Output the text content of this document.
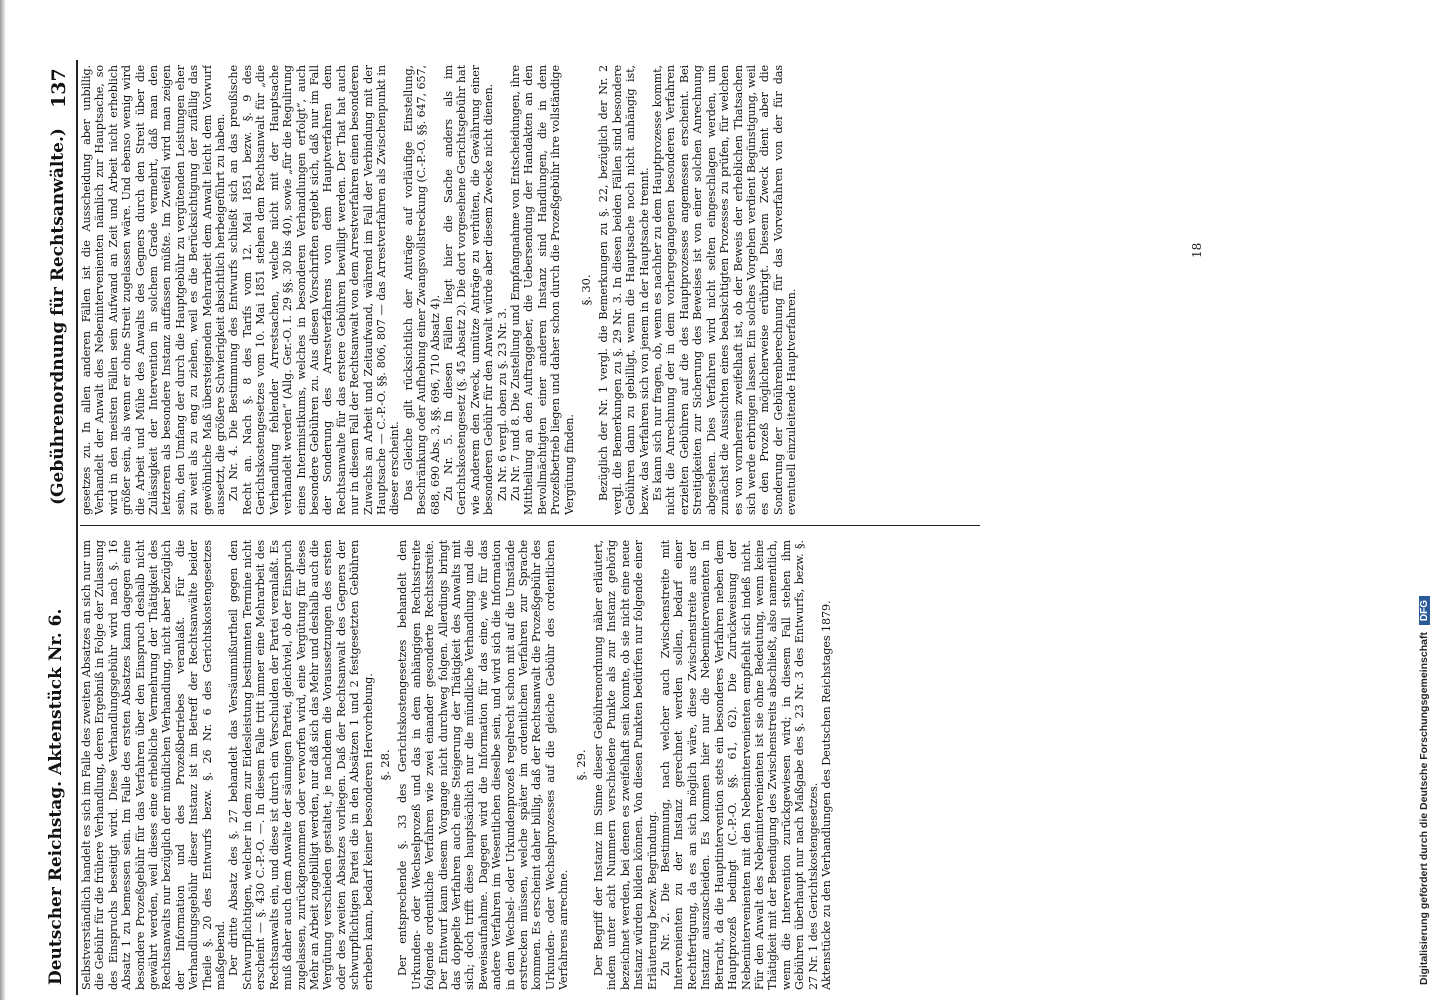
Deutscher Reichstag. Aktenstück Nr. 6.
(Gebührenordnung für Rechtsanwälte.)
137

Selbstverständlich handelt es sich im Falle des zweiten Absatzes an sich nur um die Gebühr für die frühere Verhandlung, deren Ergebniß in Folge der Zulassung des Einspruchs beseitigt wird. Diese Verhandlungsgebühr wird nach §. 16 Absatz 1 zu bemessen sein. Im Falle des ersten Absatzes kann dagegen eine besondere Prozeßgebühr für das Verfahren über den Einspruch deshalb nicht gewährt werden, weil dieses eine erhebliche Vermehrung der Thätigkeit des Rechtsanwalts nur bezüglich der mündlichen Verhandlung, nicht aber bezüglich der Information und des Prozeßbetriebes veranlaßt. Für die Verhandlungsgebühr dieser Instanz ist im Betreff der Rechtsanwälte beider Theile §. 20 des Entwurfs bezw. §. 26 Nr. 6 des Gerichtskostengesetzes maßgebend. Der dritte Absatz des §. 27 behandelt das Versäumnißurtheil gegen den Schwurpflichtigen, welcher in dem zur Eidesleistung bestimmten Termine nicht erscheint — §. 430 C.-P.-O. —. In diesem Falle tritt immer eine Mehrarbeit des Rechtsanwalts ein, und diese ist durch ein Verschulden der Partei veranlaßt. Es muß daher auch dem Anwalte der säumigen Partei, gleichviel, ob der Einspruch zugelassen, zurückgenommen oder verworfen wird, eine Vergütung für dieses Mehr an Arbeit zugebilligt werden, nur daß sich das Mehr und deshalb auch die Vergütung verschieden gestaltet, je nachdem die Voraussetzungen des ersten oder des zweiten Absatzes vorliegen. Daß der Rechtsanwalt des Gegners der schwurpflichtigen Partei die in den Absätzen 1 und 2 festgesetzten Gebühren erheben kann, bedarf keiner besonderen Hervorhebung. §. 28. Der entsprechende §. 33 des Gerichtskostengesetzes behandelt den Urkunden- oder Wechselprozeß und das in dem anhängigen Rechtsstreite folgende ordentliche Verfahren wie zwei einander gesonderte Rechtsstreite. Der Entwurf kann diesem Vorgange nicht durchweg folgen. Allerdings bringt das doppelte Verfahren auch eine Steigerung der Thätigkeit des Anwalts mit sich; doch trifft diese hauptsächlich nur die mündliche Verhandlung und die Beweisaufnahme. Dagegen wird die Information für das eine, wie für das andere Verfahren im Wesentlichen dieselbe sein, und wird sich die Information in dem Wechsel- oder Urkundenprozeß regelrecht schon mit auf die Umstände erstrecken müssen, welche später im ordentlichen Verfahren zur Sprache kommen. Es erscheint daher billig, daß der Rechtsanwalt die Prozeßgebühr des Urkunden- oder Wechselprozesses auf die gleiche Gebühr des ordentlichen Verfahrens anrechne.

§. 29. Der Begriff der Instanz im Sinne dieser Gebührenordnung näher erläutert, indem unter acht Nummern verschiedene Punkte als zur Instanz gehörig bezeichnet werden, bei denen es zweifelhaft sein konnte, ob sie nicht eine neue Instanz würden bilden können. Von diesen Punkten bedürfen nur folgende einer Erläuterung bezw. Begründung. Zu Nr. 2. Die Bestimmung, nach welcher auch Zwischenstreite mit Intervenienten zu der Instanz gerechnet werden sollen, bedarf einer Rechtfertigung, da es an sich möglich wäre, diese Zwischenstreite aus der Instanz auszuscheiden. Es kommen hier nur die Nebenintervenienten in Betracht, da die Hauptintervention stets ein besonderes Verfahren neben dem Hauptprozeß bedingt (C.-P.-O. §§. 61, 62). Die Zurückweisung der Nebenintervenienten mit den Nebenintervenienten empfiehlt sich indeß nicht. Für den Anwalt des Nebenintervenienten ist sie ohne Bedeutung, wenn keine Thätigkeit mit der Beendigung des Zwischenstreits abschließt, also namentlich, wenn die Intervention zurückgewiesen wird; in diesem Fall stehen ihm Gebühren überhaupt nur nach Maßgabe des §. 23 Nr. 3 des Entwurfs, bezw. §. 27 Nr. 1 des Gerichtskostengesetzes. Aktenstücke zu den Verhandlungen des Deutschen Reichstages 1879.

gesetzes zu. In allen anderen Fällen ist die Ausscheidung aber unbillig. Verhandelt der Anwalt des Nebenintervenienten nämlich zur Hauptsache, so wird in den meisten Fällen sein Aufwand an Zeit und Arbeit nicht erheblich größer sein, als wenn er ohne Streit zugelassen wäre. Und ebenso wenig wird die Arbeit und Mühe des Anwalts des Gegners durch den Streit über die Zulässigkeit der Intervention in solchem Grade vermehrt, daß man den letzteren als besondere Instanz auffassen müßte. Im Zweifel wird man zeigen sein, den Umfang der durch die Hauptgebühr zu vergütenden Leistungen eher zu weit als zu eng zu ziehen, weil es die Berücksichtigung der zufällig das gewöhnliche Maß übersteigenden Mehrarbeit dem Anwalt leicht dem Vorwurf aussetzt, die größere Schwierigkeit absichtlich herbeigeführt zu haben. Zu Nr. 4. Die Bestimmung des Entwurfs schließt sich an das preußische Recht an. Nach §. 8 des Tarifs vom 12. Mai 1851 bezw. §. 9 des Gerichtskostengesetzes vom 10. Mai 1851 stehen dem Rechtsanwalt für „die Verhandlung fehlender Arrestsachen, welche nicht mit der Hauptsache verhandelt werden“ (Allg. Ger.-O. I. 29 §§. 30 bis 40), sowie „für die Regulirung eines Interimistikums, welches in besonderen Verhandlungen erfolgt“, auch besondere Gebühren zu. Aus diesen Vorschriften ergiebt sich, daß nur im Fall der Sonderung des Arrestverfahrens von dem Hauptverfahren dem Rechtsanwalte für das erstere Gebühren bewilligt werden. Der That hat auch nur in diesem Fall der Rechtsanwalt von dem Arrestverfahren einen besonderen Zuwachs an Arbeit und Zeitaufwand, während im Fall der Verbindung mit der Hauptsache — C.-P.-O. §§. 806, 807 — das Arrestverfahren als Zwischenpunkt in dieser erscheint. Das Gleiche gilt rücksichtlich der Anträge auf vorläufige Einstellung, Beschränkung oder Aufhebung einer Zwangsvollstreckung (C.-P.-O. §§. 647, 657, 688, 690 Abs. 3, §§. 696, 710 Absatz 4). Zu Nr. 5. In diesen Fällen liegt hier die Sache anders als im Gerichtskostengesetz (§. 45 Absatz 2). Die dort vorgesehene Gerichtsgebühr hat wie Anderem den Zweck, unnütze Anträge zu verhüten, die Gewährung einer besonderen Gebühr für den Anwalt würde aber diesem Zwecke nicht dienen. Zu Nr. 6 vergl. oben zu §. 23 Nr. 3. Zu Nr. 7 und 8. Die Zustellung und Empfangnahme von Entscheidungen, ihre Mittheilung an den Auftraggeber, die Uebersendung der Handakten an den Bevollmächtigten einer anderen Instanz sind Handlungen, die in dem Prozeßbetrieb liegen und daher schon durch die Prozeßgebühr ihre vollständige Vergütung finden.

§. 30. Bezüglich der Nr. 1 vergl. die Bemerkungen zu §. 22, bezüglich der Nr. 2 vergl. die Bemerkungen zu §. 29 Nr. 3. In diesen beiden Fällen sind besondere Gebühren dann zu gebilligt, wenn die Hauptsache noch nicht anhängig ist, bezw. das Verfahren sich von jenem in der Hauptsache trennt. Es kann sich nur fragen, ob, wenn es nachher zu dem Hauptprozesse kommt, nicht die Anrechnung der in dem vorhergegangenen besonderen Verfahren erzielten Gebühren auf die des Hauptprozesses angemessen erscheint. Bei Streitigkeiten zur Sicherung des Beweises ist von einer solchen Anrechnung abgesehen. Dies Verfahren wird nicht selten eingeschlagen werden, um zunächst die Aussichten eines beabsichtigten Prozesses zu prüfen, für welchen es von vornherein zweifelhaft ist, ob der Beweis der erheblichen Thatsachen sich werde erbringen lassen. Ein solches Vorgehen verdient Begünstigung, weil es den Prozeß möglicherweise erübrigt. Diesem Zweck dient aber die Sonderung der Gebührenberechnung für das Vorverfahren von der für das eventuell einzuleitende Hauptverfahren.

18
Digitalisierung gefördert durch die Deutsche Forschungsgemeinschaft DFG
